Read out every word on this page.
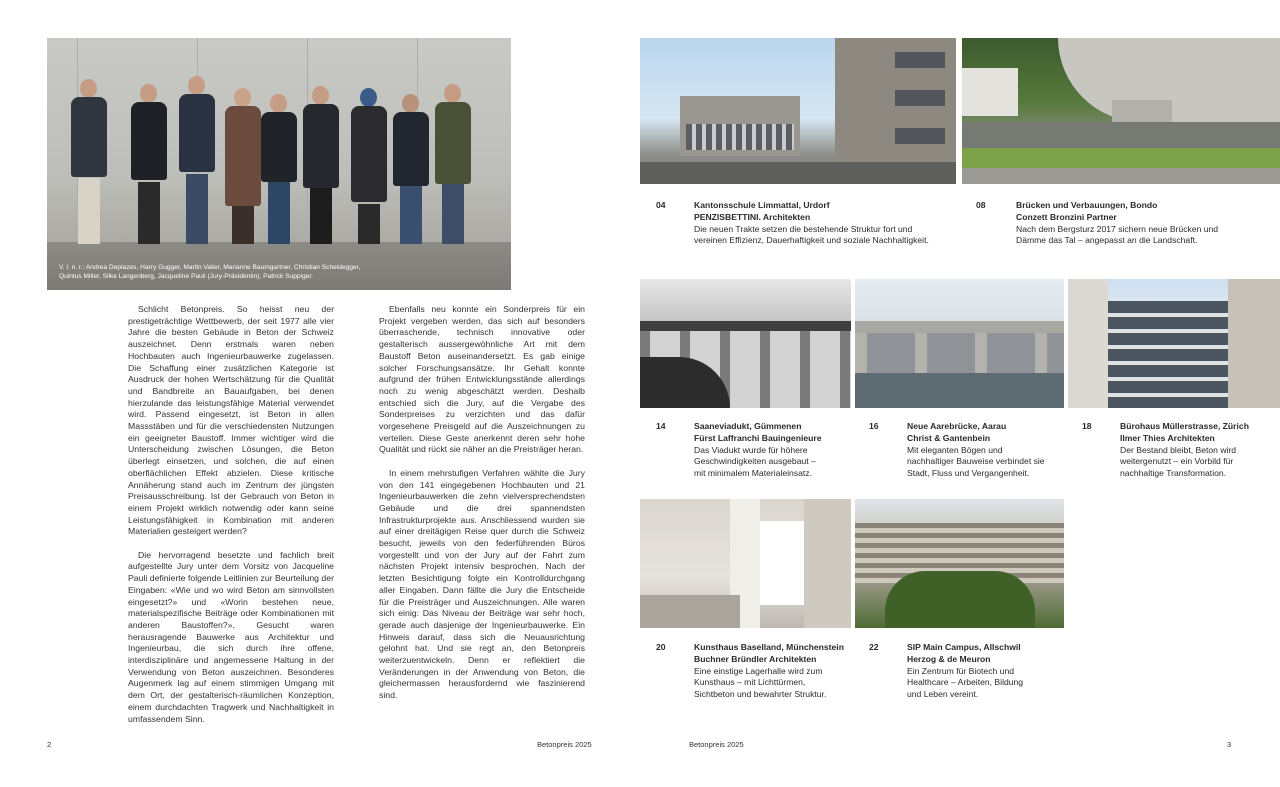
V. l. n. r.: Andrea Deplazes, Harry Gugger, Martin Valier, Marianne Baumgartner, Christian Scheidegger,
Quintus Miller, Silke Langenberg, Jacqueline Pauli (Jury-Präsidentin), Patrick Suppiger.

Schlicht Betonpreis. So heisst neu der prestigeträchtige Wettbewerb, der seit 1977 alle vier Jahre die besten Gebäude in Beton der Schweiz auszeichnet. Denn erstmals waren neben Hochbauten auch Ingenieurbauwerke zugelassen. Die Schaffung einer zusätzlichen Kategorie ist Ausdruck der hohen Wertschätzung für die Qualität und Bandbreite an Bauaufgaben, bei denen hierzulande das leistungsfähige Material verwendet wird. Passend eingesetzt, ist Beton in allen Massstäben und für die verschiedensten Nutzungen ein geeigneter Baustoff. Immer wichtiger wird die Unterscheidung zwischen Lösungen, die Beton überlegt einsetzen, und solchen, die auf einen oberflächlichen Effekt abzielen. Diese kritische Annäherung stand auch im Zentrum der jüngsten Preisausschreibung. Ist der Gebrauch von Beton in einem Projekt wirklich notwendig oder kann seine Leistungsfähigkeit in Kombination mit anderen Materialien gesteigert werden?

Die hervorragend besetzte und fachlich breit aufgestellte Jury unter dem Vorsitz von Jacqueline Pauli definierte folgende Leitlinien zur Beurteilung der Eingaben: «Wie und wo wird Beton am sinnvollsten eingesetzt?» und «Worin bestehen neue, materialspezifische Beiträge oder Kombinationen mit anderen Baustoffen?». Gesucht waren herausragende Bauwerke aus Architektur und Ingenieurbau, die sich durch ihre offene, interdisziplinäre und angemessene Haltung in der Verwendung von Beton auszeichnen. Besonderes Augenmerk lag auf einem stimmigen Umgang mit dem Ort, der gestalterisch-räumlichen Konzeption, einem durchdachten Tragwerk und Nachhaltigkeit in umfassendem Sinn.

Ebenfalls neu konnte ein Sonderpreis für ein Projekt vergeben werden, das sich auf besonders überraschende, technisch innovative oder gestalterisch aussergewöhnliche Art mit dem Baustoff Beton auseinandersetzt. Es gab einige solcher Forschungsansätze. Ihr Gehalt konnte aufgrund der frühen Entwicklungsstände allerdings noch zu wenig abgeschätzt werden. Deshalb entschied sich die Jury, auf die Vergabe des Sonderpreises zu verzichten und das dafür vorgesehene Preisgeld auf die Auszeichnungen zu verteilen. Diese Geste anerkennt deren sehr hohe Qualität und rückt sie näher an die Preisträger heran.

In einem mehrstufigen Verfahren wählte die Jury von den 141 eingegebenen Hochbauten und 21 Ingenieurbauwerken die zehn vielversprechendsten Gebäude und die drei spannendsten Infrastrukturprojekte aus. Anschliessend wurden sie auf einer dreitägigen Reise quer durch die Schweiz besucht, jeweils von den federführenden Büros vorgestellt und von der Jury auf der Fahrt zum nächsten Projekt intensiv besprochen. Nach der letzten Besichtigung folgte ein Kontrolldurchgang aller Eingaben. Dann fällte die Jury die Entscheide für die Preisträger und Auszeichnungen. Alle waren sich einig: Das Niveau der Beiträge war sehr hoch, gerade auch dasjenige der Ingenieurbauwerke. Ein Hinweis darauf, dass sich die Neuausrichtung gelohnt hat. Und sie regt an, den Betonpreis weiterzuentwickeln. Denn er reflektiert die Veränderungen in der Anwendung von Beton, die gleichermassen herausfordernd wie faszinierend sind.

2	Betonpreis 2025
04	Kantonsschule Limmattal, Urdorf
PENZISBETTINI. Architekten
Die neuen Trakte setzen die bestehende Struktur fort und
vereinen Effizienz, Dauerhaftigkeit und soziale Nachhaltigkeit.
08	Brücken und Verbauungen, Bondo
Conzett Bronzini Partner
Nach dem Bergsturz 2017 sichern neue Brücken und
Dämme das Tal – angepasst an die Landschaft.
14	Saaneviadukt, Gümmenen
Fürst Laffranchi Bauingenieure
Das Viadukt wurde für höhere
Geschwindigkeiten ausgebaut –
mit minimalem Materialeinsatz.
16	Neue Aarebrücke, Aarau
Christ & Gantenbein
Mit eleganten Bögen und
nachhaltiger Bauweise verbindet sie
Stadt, Fluss und Vergangenheit.
18	Bürohaus Müllerstrasse, Zürich
Ilmer Thies Architekten
Der Bestand bleibt, Beton wird
weitergenutzt – ein Vorbild für
nachhaltige Transformation.
20	Kunsthaus Baselland, Münchenstein
Buchner Bründler Architekten
Eine einstige Lagerhalle wird zum
Kunsthaus – mit Lichttürmen,
Sichtbeton und bewahrter Struktur.
22	SIP Main Campus, Allschwil
Herzog & de Meuron
Ein Zentrum für Biotech und
Healthcare – Arbeiten, Bildung
und Leben vereint.
Betonpreis 2025	3
